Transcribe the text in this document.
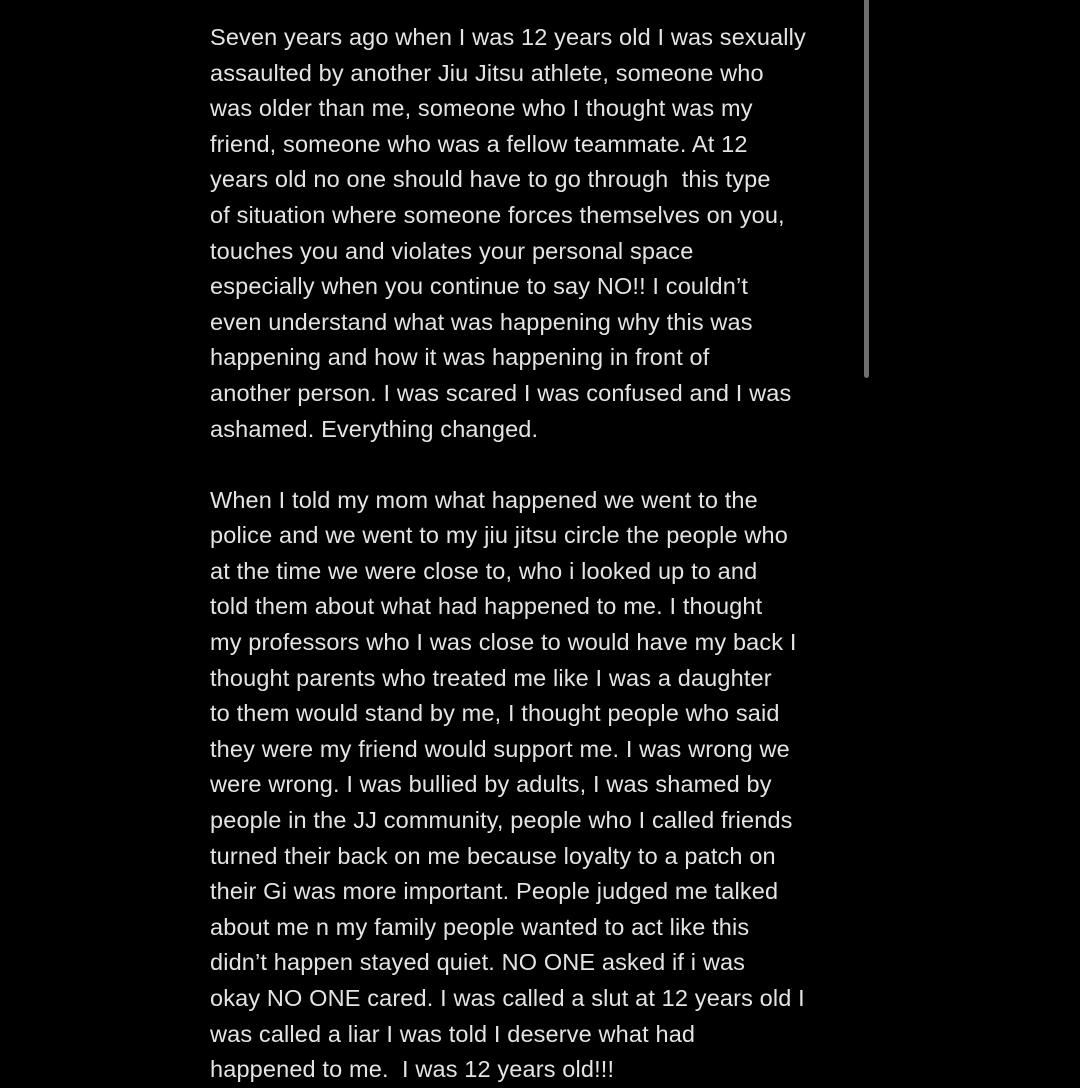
Seven years ago when I was 12 years old I was sexually
assaulted by another Jiu Jitsu athlete, someone who
was older than me, someone who I thought was my
friend, someone who was a fellow teammate. At 12
years old no one should have to go through  this type
of situation where someone forces themselves on you,
touches you and violates your personal space
especially when you continue to say NO!! I couldn’t
even understand what was happening why this was
happening and how it was happening in front of
another person. I was scared I was confused and I was
ashamed. Everything changed.

When I told my mom what happened we went to the
police and we went to my jiu jitsu circle the people who
at the time we were close to, who i looked up to and
told them about what had happened to me. I thought
my professors who I was close to would have my back I
thought parents who treated me like I was a daughter
to them would stand by me, I thought people who said
they were my friend would support me. I was wrong we
were wrong. I was bullied by adults, I was shamed by
people in the JJ community, people who I called friends
turned their back on me because loyalty to a patch on
their Gi was more important. People judged me talked
about me n my family people wanted to act like this
didn’t happen stayed quiet. NO ONE asked if i was
okay NO ONE cared. I was called a slut at 12 years old I
was called a liar I was told I deserve what had
happened to me.  I was 12 years old!!!
